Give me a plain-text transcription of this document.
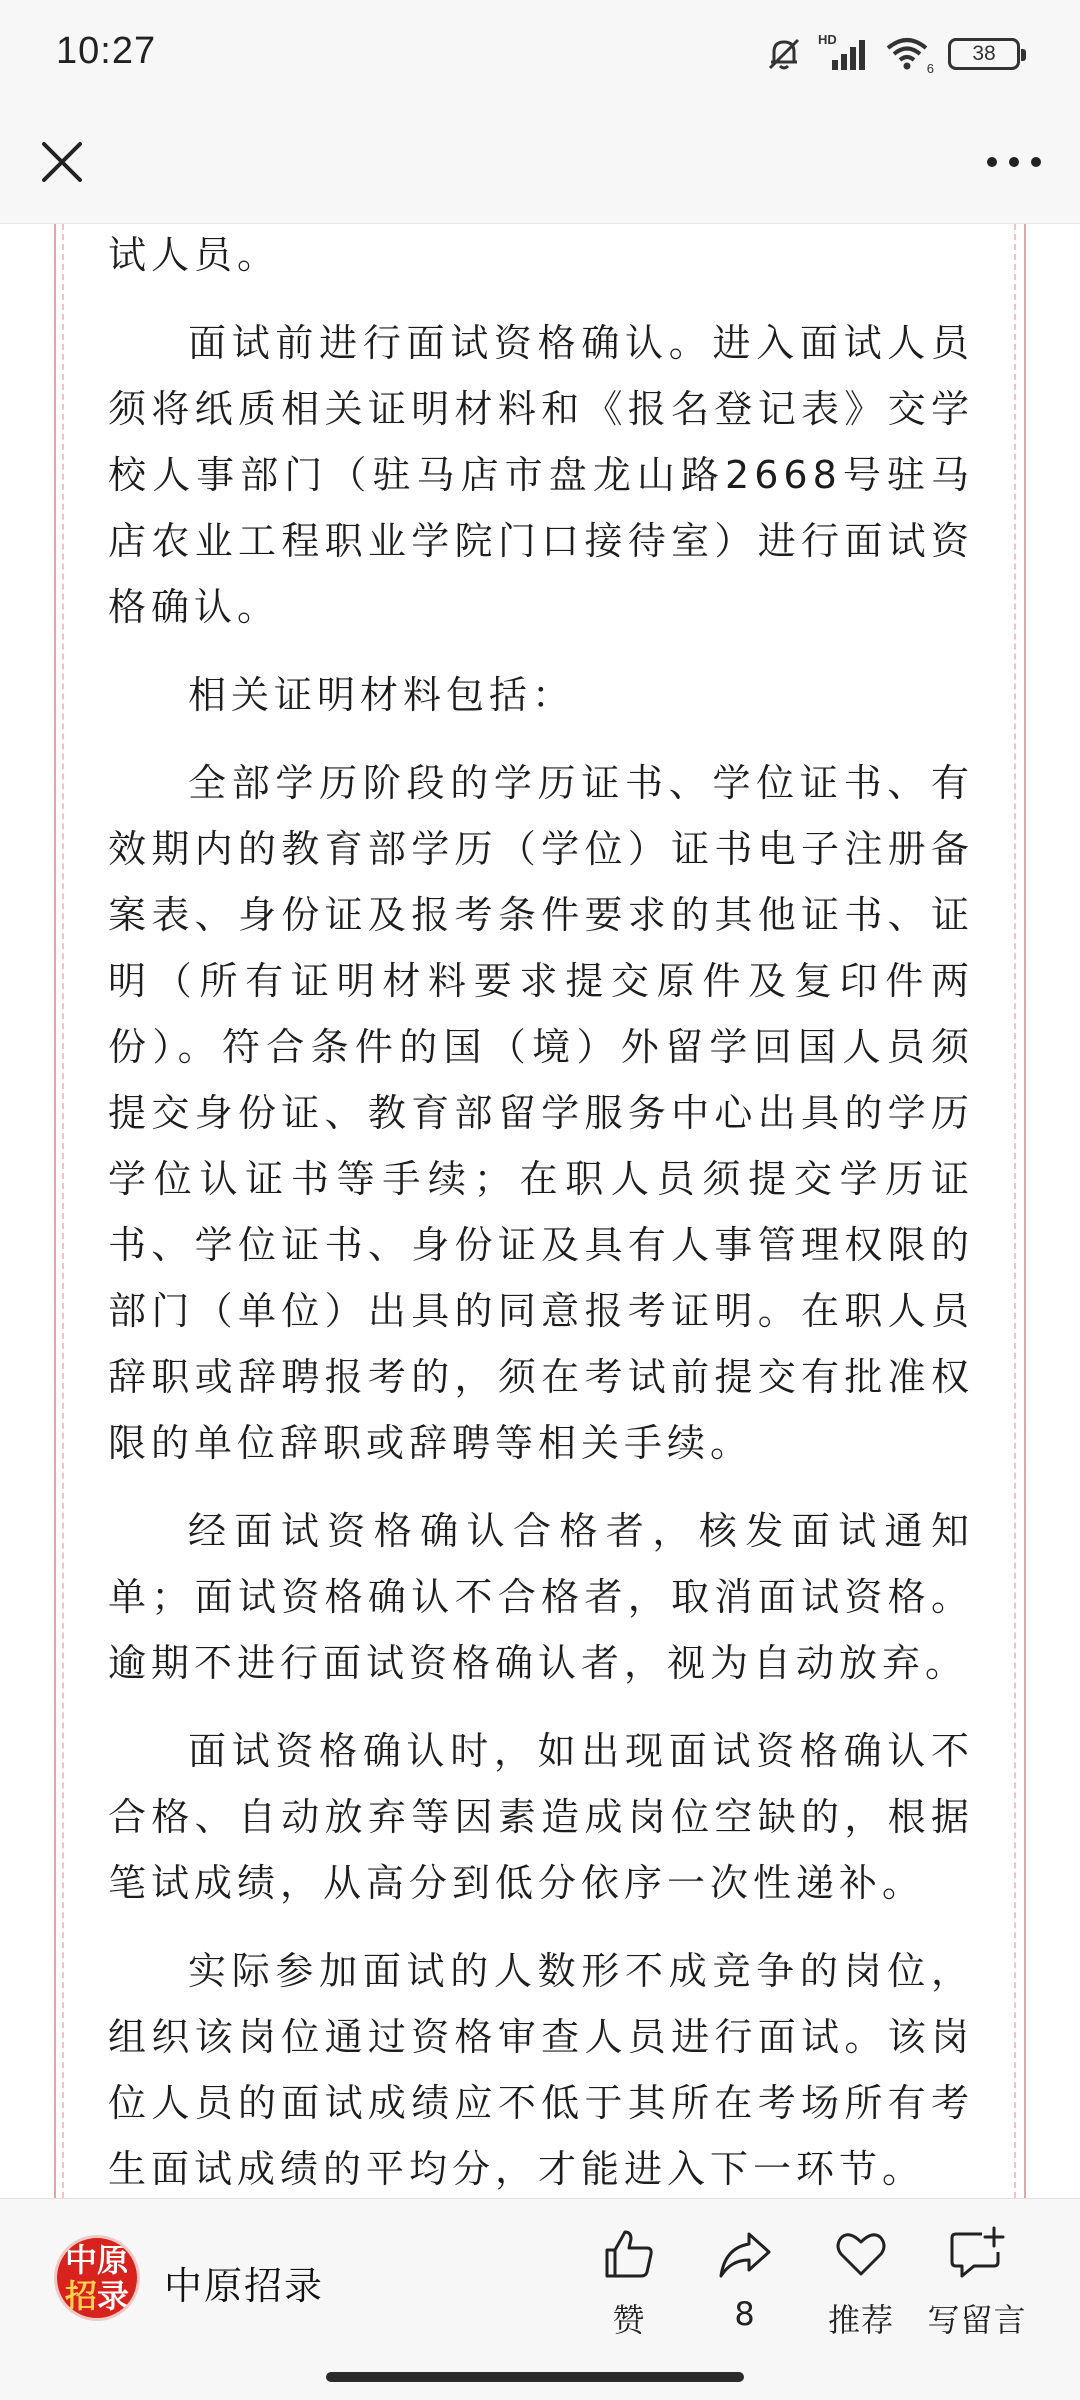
10:27	HD
6
38

试人员。

面试前进行面试资格确认。进入面试人员须将纸质相关证明材料和《报名登记表》交学校人事部门（驻马店市盘龙山路2668号驻马店农业工程职业学院门口接待室）进行面试资格确认。

相关证明材料包括：

全部学历阶段的学历证书、学位证书、有效期内的教育部学历（学位）证书电子注册备案表、身份证及报考条件要求的其他证书、证明（所有证明材料要求提交原件及复印件两份）。符合条件的国（境）外留学回国人员须提交身份证、教育部留学服务中心出具的学历学位认证书等手续；在职人员须提交学历证书、学位证书、身份证及具有人事管理权限的部门（单位）出具的同意报考证明。在职人员辞职或辞聘报考的，须在考试前提交有批准权限的单位辞职或辞聘等相关手续。

经面试资格确认合格者，核发面试通知单；面试资格确认不合格者，取消面试资格。逾期不进行面试资格确认者，视为自动放弃。

面试资格确认时，如出现面试资格确认不合格、自动放弃等因素造成岗位空缺的，根据笔试成绩，从高分到低分依序一次性递补。

实际参加面试的人数形不成竞争的岗位，组织该岗位通过资格审查人员进行面试。该岗位人员的面试成绩应不低于其所在考场所有考生面试成绩的平均分，才能进入下一环节。

中 原
招 录 中原招录
赞	8 推荐 写留言
